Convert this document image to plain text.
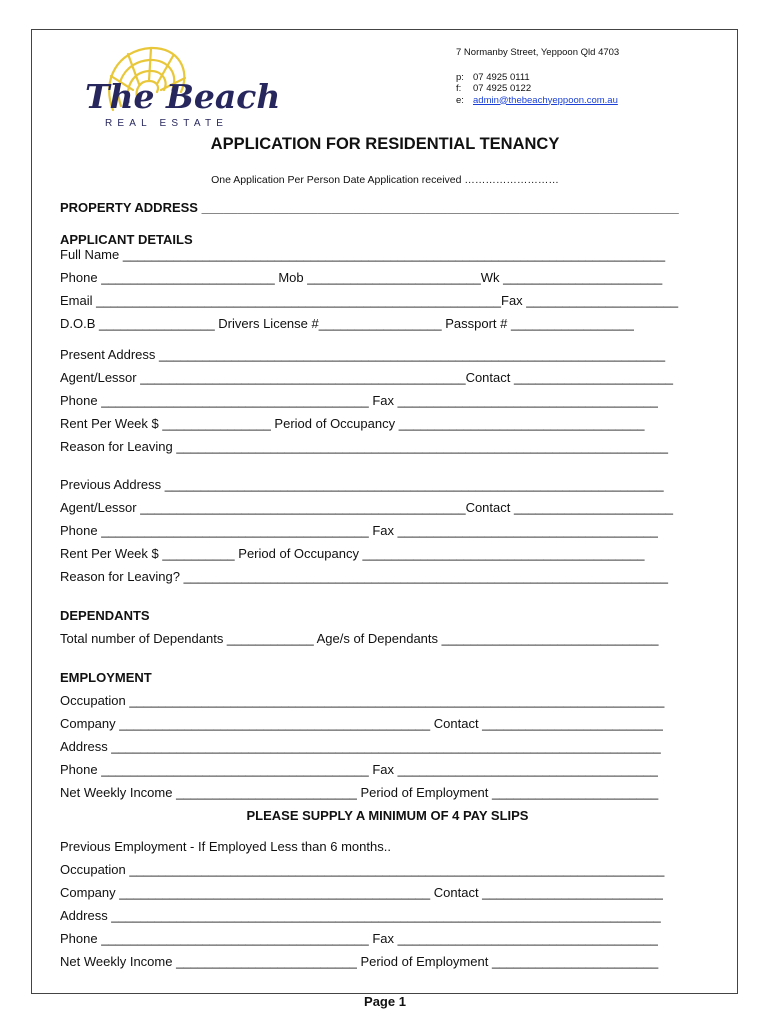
The Beach
REAL ESTATE
7 Normanby Street, Yeppoon Qld 4703
p: 07 4925 0111
f: 07 4925 0122
e: admin@thebeachyeppoon.com.au
APPLICATION FOR RESIDENTIAL TENANCY
One Application Per Person Date Application received ………………………
PROPERTY ADDRESS __________________________________________________________________
APPLICANT DETAILS
Full Name ___________________________________________________________________________
Phone ________________________ Mob ________________________Wk ______________________
Email ________________________________________________________Fax _____________________
D.O.B ________________ Drivers License #_________________ Passport # _________________
Present Address ______________________________________________________________________
Agent/Lessor _____________________________________________Contact ______________________
Phone _____________________________________ Fax ____________________________________
Rent Per Week $ _______________ Period of Occupancy __________________________________
Reason for Leaving ____________________________________________________________________
Previous Address _____________________________________________________________________
Agent/Lessor _____________________________________________Contact ______________________
Phone _____________________________________ Fax ____________________________________
Rent Per Week $ __________ Period of Occupancy _______________________________________
Reason for Leaving? ___________________________________________________________________
DEPENDANTS
Total number of Dependants ____________ Age/s of Dependants ______________________________
EMPLOYMENT
Occupation __________________________________________________________________________
Company ___________________________________________ Contact _________________________
Address ____________________________________________________________________________
Phone _____________________________________ Fax ____________________________________
Net Weekly Income _________________________ Period of Employment _______________________
PLEASE SUPPLY A MINIMUM OF 4 PAY SLIPS
Previous Employment - If Employed Less than 6 months..
Occupation __________________________________________________________________________
Company ___________________________________________ Contact _________________________
Address ____________________________________________________________________________
Phone _____________________________________ Fax ____________________________________
Net Weekly Income _________________________ Period of Employment _______________________
Page 1
